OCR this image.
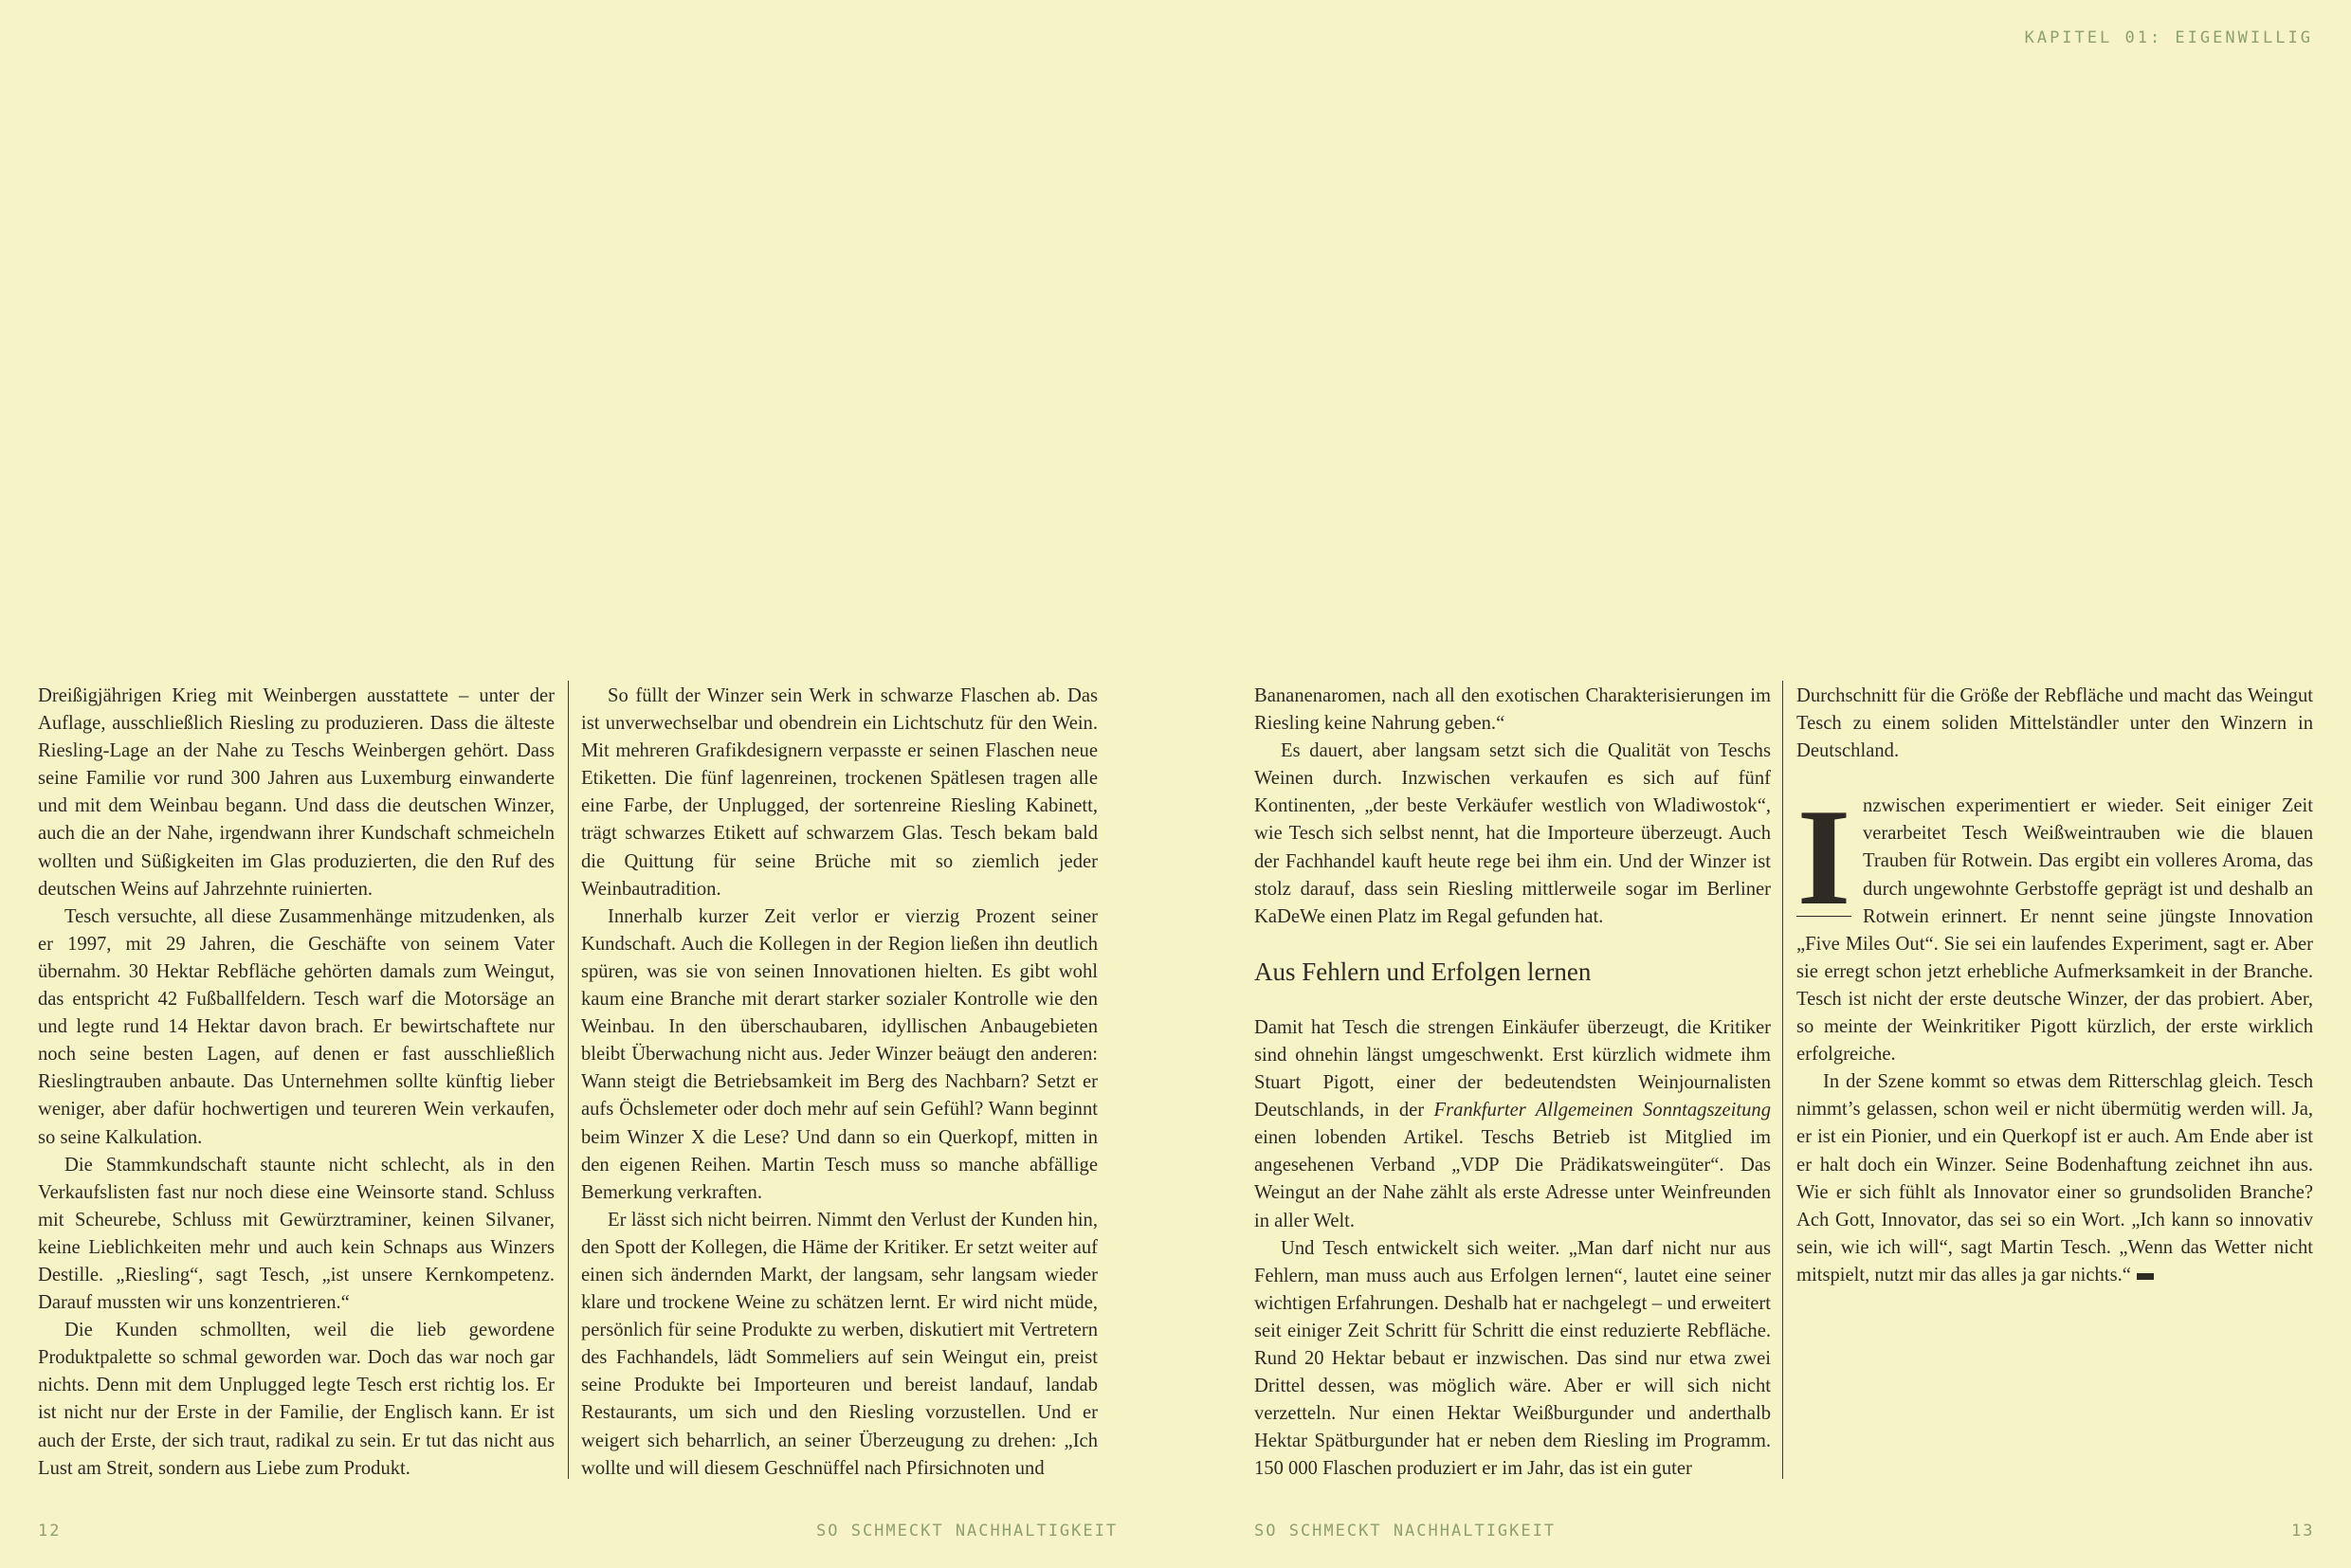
KAPITEL 01: EIGENWILLIG

Dreißigjährigen Krieg mit Weinbergen ausstattete – unter der Auflage, ausschließlich Riesling zu produzieren. Dass die älteste Riesling-Lage an der Nahe zu Teschs Weinbergen gehört. Dass seine Familie vor rund 300 Jahren aus Luxemburg einwanderte und mit dem Weinbau begann. Und dass die deutschen Winzer, auch die an der Nahe, irgendwann ihrer Kundschaft schmeicheln wollten und Süßigkeiten im Glas produzierten, die den Ruf des deutschen Weins auf Jahrzehnte ruinierten.

Tesch versuchte, all diese Zusammenhänge mitzudenken, als er 1997, mit 29 Jahren, die Geschäfte von seinem Vater übernahm. 30 Hektar Rebfläche gehörten damals zum Weingut, das entspricht 42 Fußballfeldern. Tesch warf die Motorsäge an und legte rund 14 Hektar davon brach. Er bewirtschaftete nur noch seine besten Lagen, auf denen er fast ausschließlich Rieslingtrauben anbaute. Das Unternehmen sollte künftig lieber weniger, aber dafür hochwertigen und teureren Wein verkaufen, so seine Kalkulation.

Die Stammkundschaft staunte nicht schlecht, als in den Verkaufslisten fast nur noch diese eine Weinsorte stand. Schluss mit Scheurebe, Schluss mit Gewürztraminer, keinen Silvaner, keine Lieblichkeiten mehr und auch kein Schnaps aus Winzers Destille. „Riesling“, sagt Tesch, „ist unsere Kernkompetenz. Darauf mussten wir uns konzentrieren.“

Die Kunden schmollten, weil die lieb gewordene Produktpalette so schmal geworden war. Doch das war noch gar nichts. Denn mit dem Unplugged legte Tesch erst richtig los. Er ist nicht nur der Erste in der Familie, der Englisch kann. Er ist auch der Erste, der sich traut, radikal zu sein. Er tut das nicht aus Lust am Streit, sondern aus Liebe zum Produkt.

So füllt der Winzer sein Werk in schwarze Flaschen ab. Das ist unverwechselbar und obendrein ein Lichtschutz für den Wein. Mit mehreren Grafikdesignern verpasste er seinen Flaschen neue Etiketten. Die fünf lagenreinen, trockenen Spätlesen tragen alle eine Farbe, der Unplugged, der sortenreine Riesling Kabinett, trägt schwarzes Etikett auf schwarzem Glas. Tesch bekam bald die Quittung für seine Brüche mit so ziemlich jeder Weinbautradition.

Innerhalb kurzer Zeit verlor er vierzig Prozent seiner Kundschaft. Auch die Kollegen in der Region ließen ihn deutlich spüren, was sie von seinen Innovationen hielten. Es gibt wohl kaum eine Branche mit derart starker sozialer Kontrolle wie den Weinbau. In den überschaubaren, idyllischen Anbaugebieten bleibt Überwachung nicht aus. Jeder Winzer beäugt den anderen: Wann steigt die Betriebsamkeit im Berg des Nachbarn? Setzt er aufs Öchslemeter oder doch mehr auf sein Gefühl? Wann beginnt beim Winzer X die Lese? Und dann so ein Querkopf, mitten in den eigenen Reihen. Martin Tesch muss so manche abfällige Bemerkung verkraften.

Er lässt sich nicht beirren. Nimmt den Verlust der Kunden hin, den Spott der Kollegen, die Häme der Kritiker. Er setzt weiter auf einen sich ändernden Markt, der langsam, sehr langsam wieder klare und trockene Weine zu schätzen lernt. Er wird nicht müde, persönlich für seine Produkte zu werben, diskutiert mit Vertretern des Fachhandels, lädt Sommeliers auf sein Weingut ein, preist seine Produkte bei Importeuren und bereist landauf, landab Restaurants, um sich und den Riesling vorzustellen. Und er weigert sich beharrlich, an seiner Überzeugung zu drehen: „Ich wollte und will diesem Geschnüffel nach Pfirsichnoten und

Bananenaromen, nach all den exotischen Charakterisierungen im Riesling keine Nahrung geben.“

Es dauert, aber langsam setzt sich die Qualität von Teschs Weinen durch. Inzwischen verkaufen es sich auf fünf Kontinenten, „der beste Verkäufer westlich von Wladiwostok“, wie Tesch sich selbst nennt, hat die Importeure überzeugt. Auch der Fachhandel kauft heute rege bei ihm ein. Und der Winzer ist stolz darauf, dass sein Riesling mittlerweile sogar im Berliner KaDeWe einen Platz im Regal gefunden hat.

Aus Fehlern und Erfolgen lernen

Damit hat Tesch die strengen Einkäufer überzeugt, die Kritiker sind ohnehin längst umgeschwenkt. Erst kürzlich widmete ihm Stuart Pigott, einer der bedeutendsten Weinjournalisten Deutschlands, in der Frankfurter Allgemeinen Sonntagszeitung einen lobenden Artikel. Teschs Betrieb ist Mitglied im angesehenen Verband „VDP Die Prädikatsweingüter“. Das Weingut an der Nahe zählt als erste Adresse unter Weinfreunden in aller Welt.

Und Tesch entwickelt sich weiter. „Man darf nicht nur aus Fehlern, man muss auch aus Erfolgen lernen“, lautet eine seiner wichtigen Erfahrungen. Deshalb hat er nachgelegt – und erweitert seit einiger Zeit Schritt für Schritt die einst reduzierte Rebfläche. Rund 20 Hektar bebaut er inzwischen. Das sind nur etwa zwei Drittel dessen, was möglich wäre. Aber er will sich nicht verzetteln. Nur einen Hektar Weißburgunder und anderthalb Hektar Spätburgunder hat er neben dem Riesling im Programm. 150 000 Flaschen produziert er im Jahr, das ist ein guter

Durchschnitt für die Größe der Rebfläche und macht das Weingut Tesch zu einem soliden Mittelständler unter den Winzern in Deutschland.

I nzwischen experimentiert er wieder. Seit einiger Zeit verarbeitet Tesch Weißweintrauben wie die blauen Trauben für Rotwein. Das ergibt ein volleres Aroma, das durch ungewohnte Gerbstoffe geprägt ist und deshalb an Rotwein erinnert. Er nennt seine jüngste Innovation „Five Miles Out“. Sie sei ein laufendes Experiment, sagt er. Aber sie erregt schon jetzt erhebliche Aufmerksamkeit in der Branche. Tesch ist nicht der erste deutsche Winzer, der das probiert. Aber, so meinte der Weinkritiker Pigott kürzlich, der erste wirklich erfolgreiche.

In der Szene kommt so etwas dem Ritterschlag gleich. Tesch nimmt’s gelassen, schon weil er nicht übermütig werden will. Ja, er ist ein Pionier, und ein Querkopf ist er auch. Am Ende aber ist er halt doch ein Winzer. Seine Bodenhaftung zeichnet ihn aus. Wie er sich fühlt als Innovator einer so grundsoliden Branche? Ach Gott, Innovator, das sei so ein Wort. „Ich kann so innovativ sein, wie ich will“, sagt Martin Tesch. „Wenn das Wetter nicht mitspielt, nutzt mir das alles ja gar nichts.“

12	SO SCHMECKT NACHHALTIGKEIT	SO SCHMECKT NACHHALTIGKEIT	13
